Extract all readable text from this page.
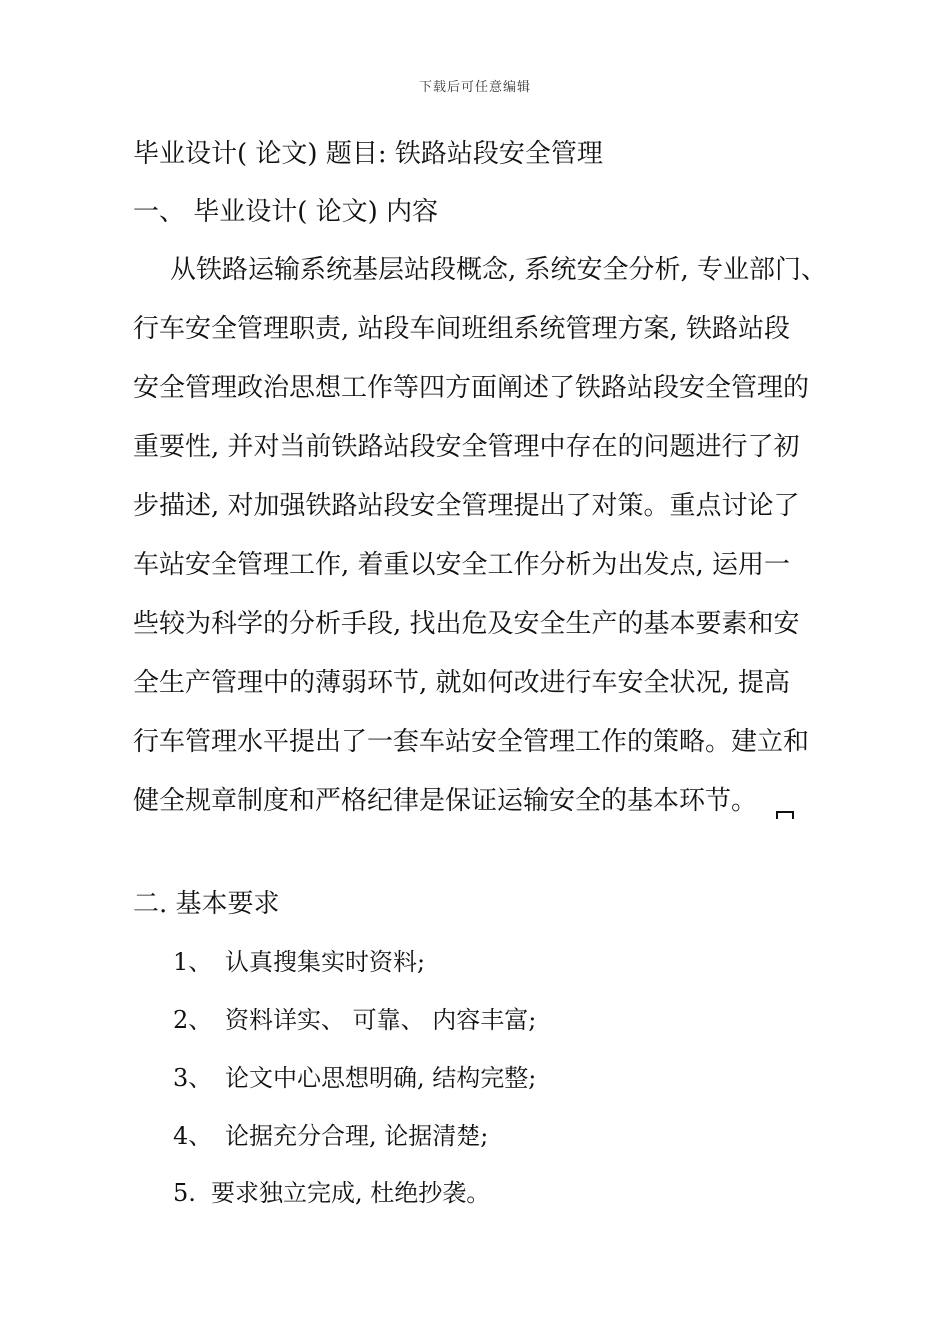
下载后可任意编辑
毕业设计( 论文) 题目: 铁路站段安全管理
一、 毕业设计( 论文) 内容
从铁路运输系统基层站段概念, 系统安全分析, 专业部门、
行车安全管理职责, 站段车间班组系统管理方案, 铁路站段
安全管理政治思想工作等四方面阐述了铁路站段安全管理的
重要性, 并对当前铁路站段安全管理中存在的问题进行了初
步描述, 对加强铁路站段安全管理提出了对策。重点讨论了
车站安全管理工作, 着重以安全工作分析为出发点, 运用一
些较为科学的分析手段, 找出危及安全生产的基本要素和安
全生产管理中的薄弱环节, 就如何改进行车安全状况, 提高
行车管理水平提出了一套车站安全管理工作的策略。建立和
健全规章制度和严格纪律是保证运输安全的基本环节。
二. 基本要求
1、 认真搜集实时资料;
2、 资料详实、 可靠、 内容丰富;
3、 论文中心思想明确, 结构完整;
4、 论据充分合理, 论据清楚;
5. 要求独立完成, 杜绝抄袭。
